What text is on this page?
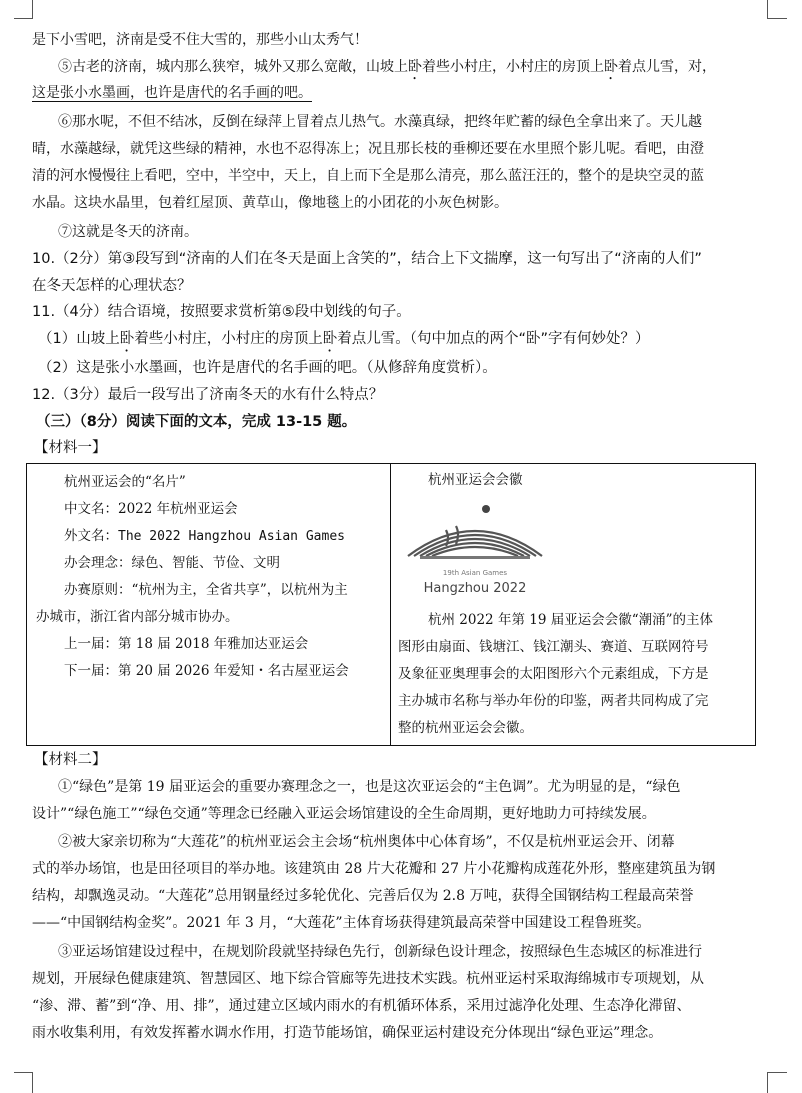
是下小雪吧，济南是受不住大雪的，那些小山太秀气！
⑤古老的济南，城内那么狭窄，城外又那么宽敞，山坡上卧着些小村庄，小村庄的房顶上卧着点儿雪，对，
这是张小水墨画，也许是唐代的名手画的吧。
⑥那水呢，不但不结冰，反倒在绿萍上冒着点儿热气。水藻真绿，把终年贮蓄的绿色全拿出来了。天儿越
晴，水藻越绿，就凭这些绿的精神，水也不忍得冻上；况且那长枝的垂柳还要在水里照个影儿呢。看吧，由澄
清的河水慢慢往上看吧，空中，半空中，天上，自上而下全是那么清亮，那么蓝汪汪的，整个的是块空灵的蓝
水晶。这块水晶里，包着红屋顶、黄草山，像地毯上的小团花的小灰色树影。
⑦这就是冬天的济南。
10.（2分）第③段写到“济南的人们在冬天是面上含笑的”，结合上下文揣摩，这一句写出了“济南的人们”
在冬天怎样的心理状态？
11.（4分）结合语境，按照要求赏析第⑤段中划线的句子。
（1）山坡上卧着些小村庄，小村庄的房顶上卧着点儿雪。（句中加点的两个“卧”字有何妙处？）
（2）这是张小水墨画，也许是唐代的名手画的吧。（从修辞角度赏析）。
12.（3分）最后一段写出了济南冬天的水有什么特点？
（三）（8分）阅读下面的文本，完成 13-15 题。
【材料一】
杭州亚运会的“名片”
中文名：2022 年杭州亚运会
外文名：The 2022 Hangzhou Asian Games
办会理念：绿色、智能、节俭、文明
办赛原则：“杭州为主，全省共享”，以杭州为主
办城市，浙江省内部分城市协办。
上一届：第 18 届 2018 年雅加达亚运会
下一届：第 20 届 2026 年爱知・名古屋亚运会
杭州亚运会会徽
19th Asian Games
Hangzhou 2022
杭州 2022 年第 19 届亚运会会徽“潮涌”的主体
图形由扇面、钱塘江、钱江潮头、赛道、互联网符号
及象征亚奥理事会的太阳图形六个元素组成，下方是
主办城市名称与举办年份的印鉴，两者共同构成了完
整的杭州亚运会会徽。
【材料二】
①“绿色”是第 19 届亚运会的重要办赛理念之一，也是这次亚运会的“主色调”。尤为明显的是，“绿色
设计”“绿色施工”“绿色交通”等理念已经融入亚运会场馆建设的全生命周期，更好地助力可持续发展。
②被大家亲切称为“大莲花”的杭州亚运会主会场“杭州奥体中心体育场”，不仅是杭州亚运会开、闭幕
式的举办场馆，也是田径项目的举办地。该建筑由 28 片大花瓣和 27 片小花瓣构成莲花外形，整座建筑虽为钢
结构，却飘逸灵动。“大莲花”总用钢量经过多轮优化、完善后仅为 2.8 万吨，获得全国钢结构工程最高荣誉
——“中国钢结构金奖”。2021 年 3 月，“大莲花”主体育场获得建筑最高荣誉中国建设工程鲁班奖。
③亚运场馆建设过程中，在规划阶段就坚持绿色先行，创新绿色设计理念，按照绿色生态城区的标准进行
规划，开展绿色健康建筑、智慧园区、地下综合管廊等先进技术实践。杭州亚运村采取海绵城市专项规划，从
“渗、滞、蓄”到“净、用、排”，通过建立区域内雨水的有机循环体系，采用过滤净化处理、生态净化滞留、
雨水收集利用，有效发挥蓄水调水作用，打造节能场馆，确保亚运村建设充分体现出“绿色亚运”理念。
